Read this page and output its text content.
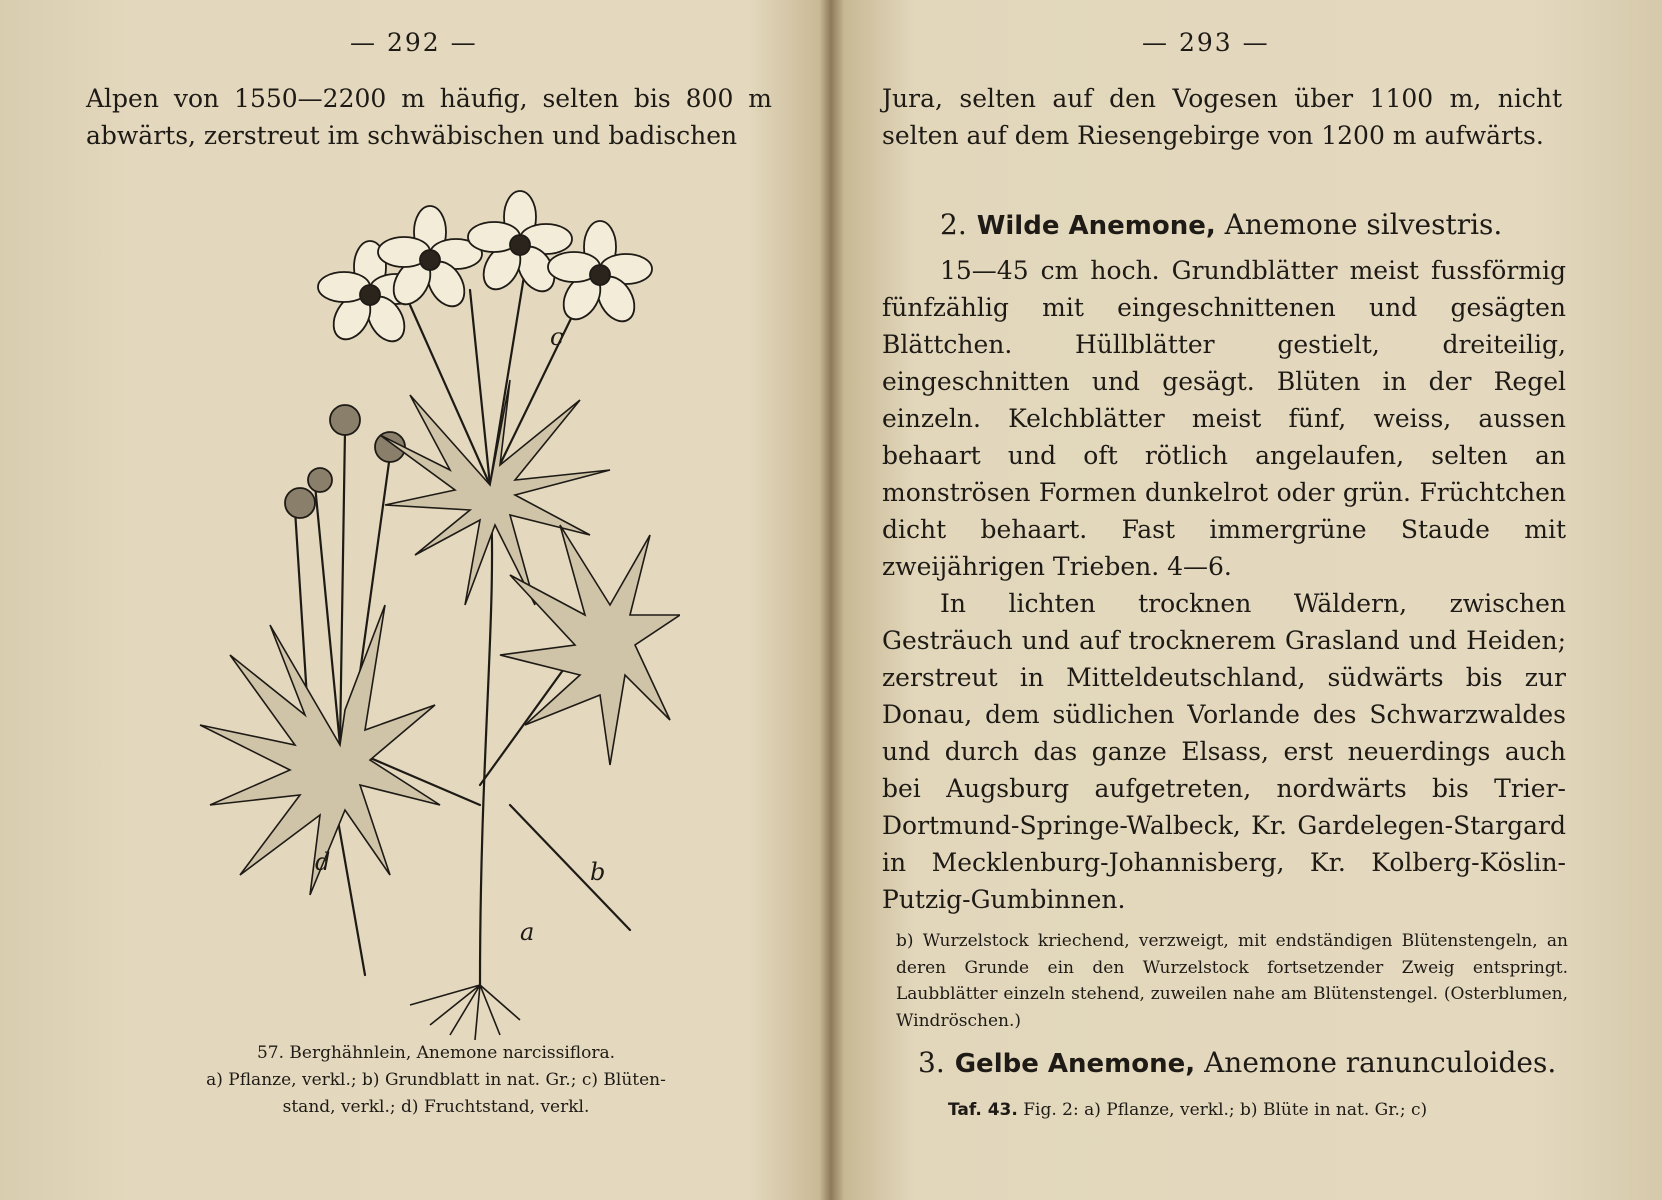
— 292 —
Alpen von 1550—2200 m häufig, selten bis 800 m abwärts, zerstreut im schwäbischen und badischen
c
d	b
a
57. Berghähnlein, Anemone narcissiflora.
a) Pflanze, verkl.; b) Grundblatt in nat. Gr.; c) Blüten-
stand, verkl.; d) Fruchtstand, verkl.
— 293 —
Jura, selten auf den Vogesen über 1100 m, nicht selten auf dem Riesengebirge von 1200 m aufwärts.
2. Wilde Anemone, Anemone silvestris.
15—45 cm hoch. Grundblätter meist fussförmig fünfzählig mit eingeschnittenen und gesägten Blättchen. Hüllblätter gestielt, dreiteilig, eingeschnitten und gesägt. Blüten in der Regel einzeln. Kelchblätter meist fünf, weiss, aussen behaart und oft rötlich angelaufen, selten an monströsen Formen dunkelrot oder grün. Früchtchen dicht behaart. Fast immergrüne Staude mit zweijährigen Trieben. 4—6.
In lichten trocknen Wäldern, zwischen Gesträuch und auf trocknerem Grasland und Heiden; zerstreut in Mitteldeutschland, südwärts bis zur Donau, dem südlichen Vorlande des Schwarzwaldes und durch das ganze Elsass, erst neuerdings auch bei Augsburg aufgetreten, nordwärts bis Trier-Dortmund-Springe-Walbeck, Kr. Gardelegen-Stargard in Mecklenburg-Johannisberg, Kr. Kolberg-Köslin-Putzig-Gumbinnen.
b) Wurzelstock kriechend, verzweigt, mit endständigen Blütenstengeln, an deren Grunde ein den Wurzelstock fortsetzender Zweig entspringt. Laubblätter einzeln stehend, zuweilen nahe am Blütenstengel. (Osterblumen, Windröschen.)
3. Gelbe Anemone, Anemone ranunculoides.
Taf. 43. Fig. 2: a) Pflanze, verkl.; b) Blüte in nat. Gr.; c)
